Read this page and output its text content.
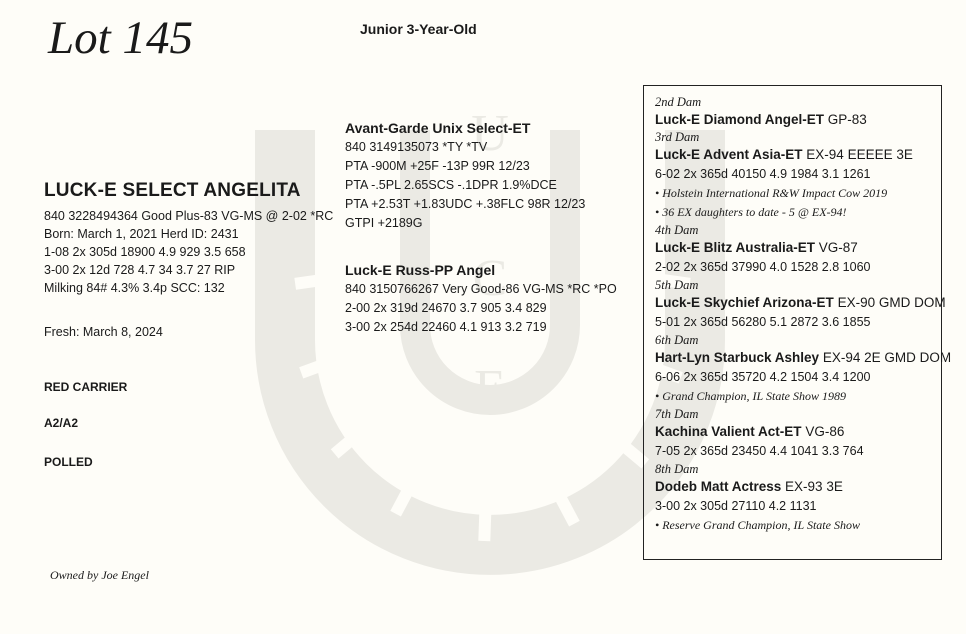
U
C
E
Lot 145	Junior 3-Year-Old
LUCK-E SELECT ANGELITA
840 3228494364 Good Plus-83 VG-MS @ 2-02 *RC
Born: March 1, 2021 Herd ID: 2431
1-08 2x 305d 18900 4.9 929 3.5 658
3-00 2x 12d 728 4.7 34 3.7 27 RIP
Milking 84# 4.3% 3.4p SCC: 132
Fresh: March 8, 2024
RED CARRIER
A2/A2
POLLED
Owned by Joe Engel
Avant-Garde Unix Select-ET
840 3149135073 *TY *TV
PTA -900M +25F -13P 99R 12/23
PTA -.5PL 2.65SCS -.1DPR 1.9%DCE
PTA +2.53T +1.83UDC +.38FLC 98R 12/23
GTPI +2189G
Luck-E Russ-PP Angel
840 3150766267 Very Good-86 VG-MS *RC *PO
2-00 2x 319d 24670 3.7 905 3.4 829
3-00 2x 254d 22460 4.1 913 3.2 719
2nd Dam
Luck-E Diamond Angel-ET GP-83
3rd Dam
Luck-E Advent Asia-ET EX-94 EEEEE 3E
6-02 2x 365d 40150 4.9 1984 3.1 1261
• Holstein International R&W Impact Cow 2019
• 36 EX daughters to date - 5 @ EX-94!
4th Dam
Luck-E Blitz Australia-ET VG-87
2-02 2x 365d 37990 4.0 1528 2.8 1060
5th Dam
Luck-E Skychief Arizona-ET EX-90 GMD DOM
5-01 2x 365d 56280 5.1 2872 3.6 1855
6th Dam
Hart-Lyn Starbuck Ashley EX-94 2E GMD DOM
6-06 2x 365d 35720 4.2 1504 3.4 1200
• Grand Champion, IL State Show 1989
7th Dam
Kachina Valient Act-ET VG-86
7-05 2x 365d 23450 4.4 1041 3.3 764
8th Dam
Dodeb Matt Actress EX-93 3E
3-00 2x 305d 27110 4.2 1131
• Reserve Grand Champion, IL State Show
